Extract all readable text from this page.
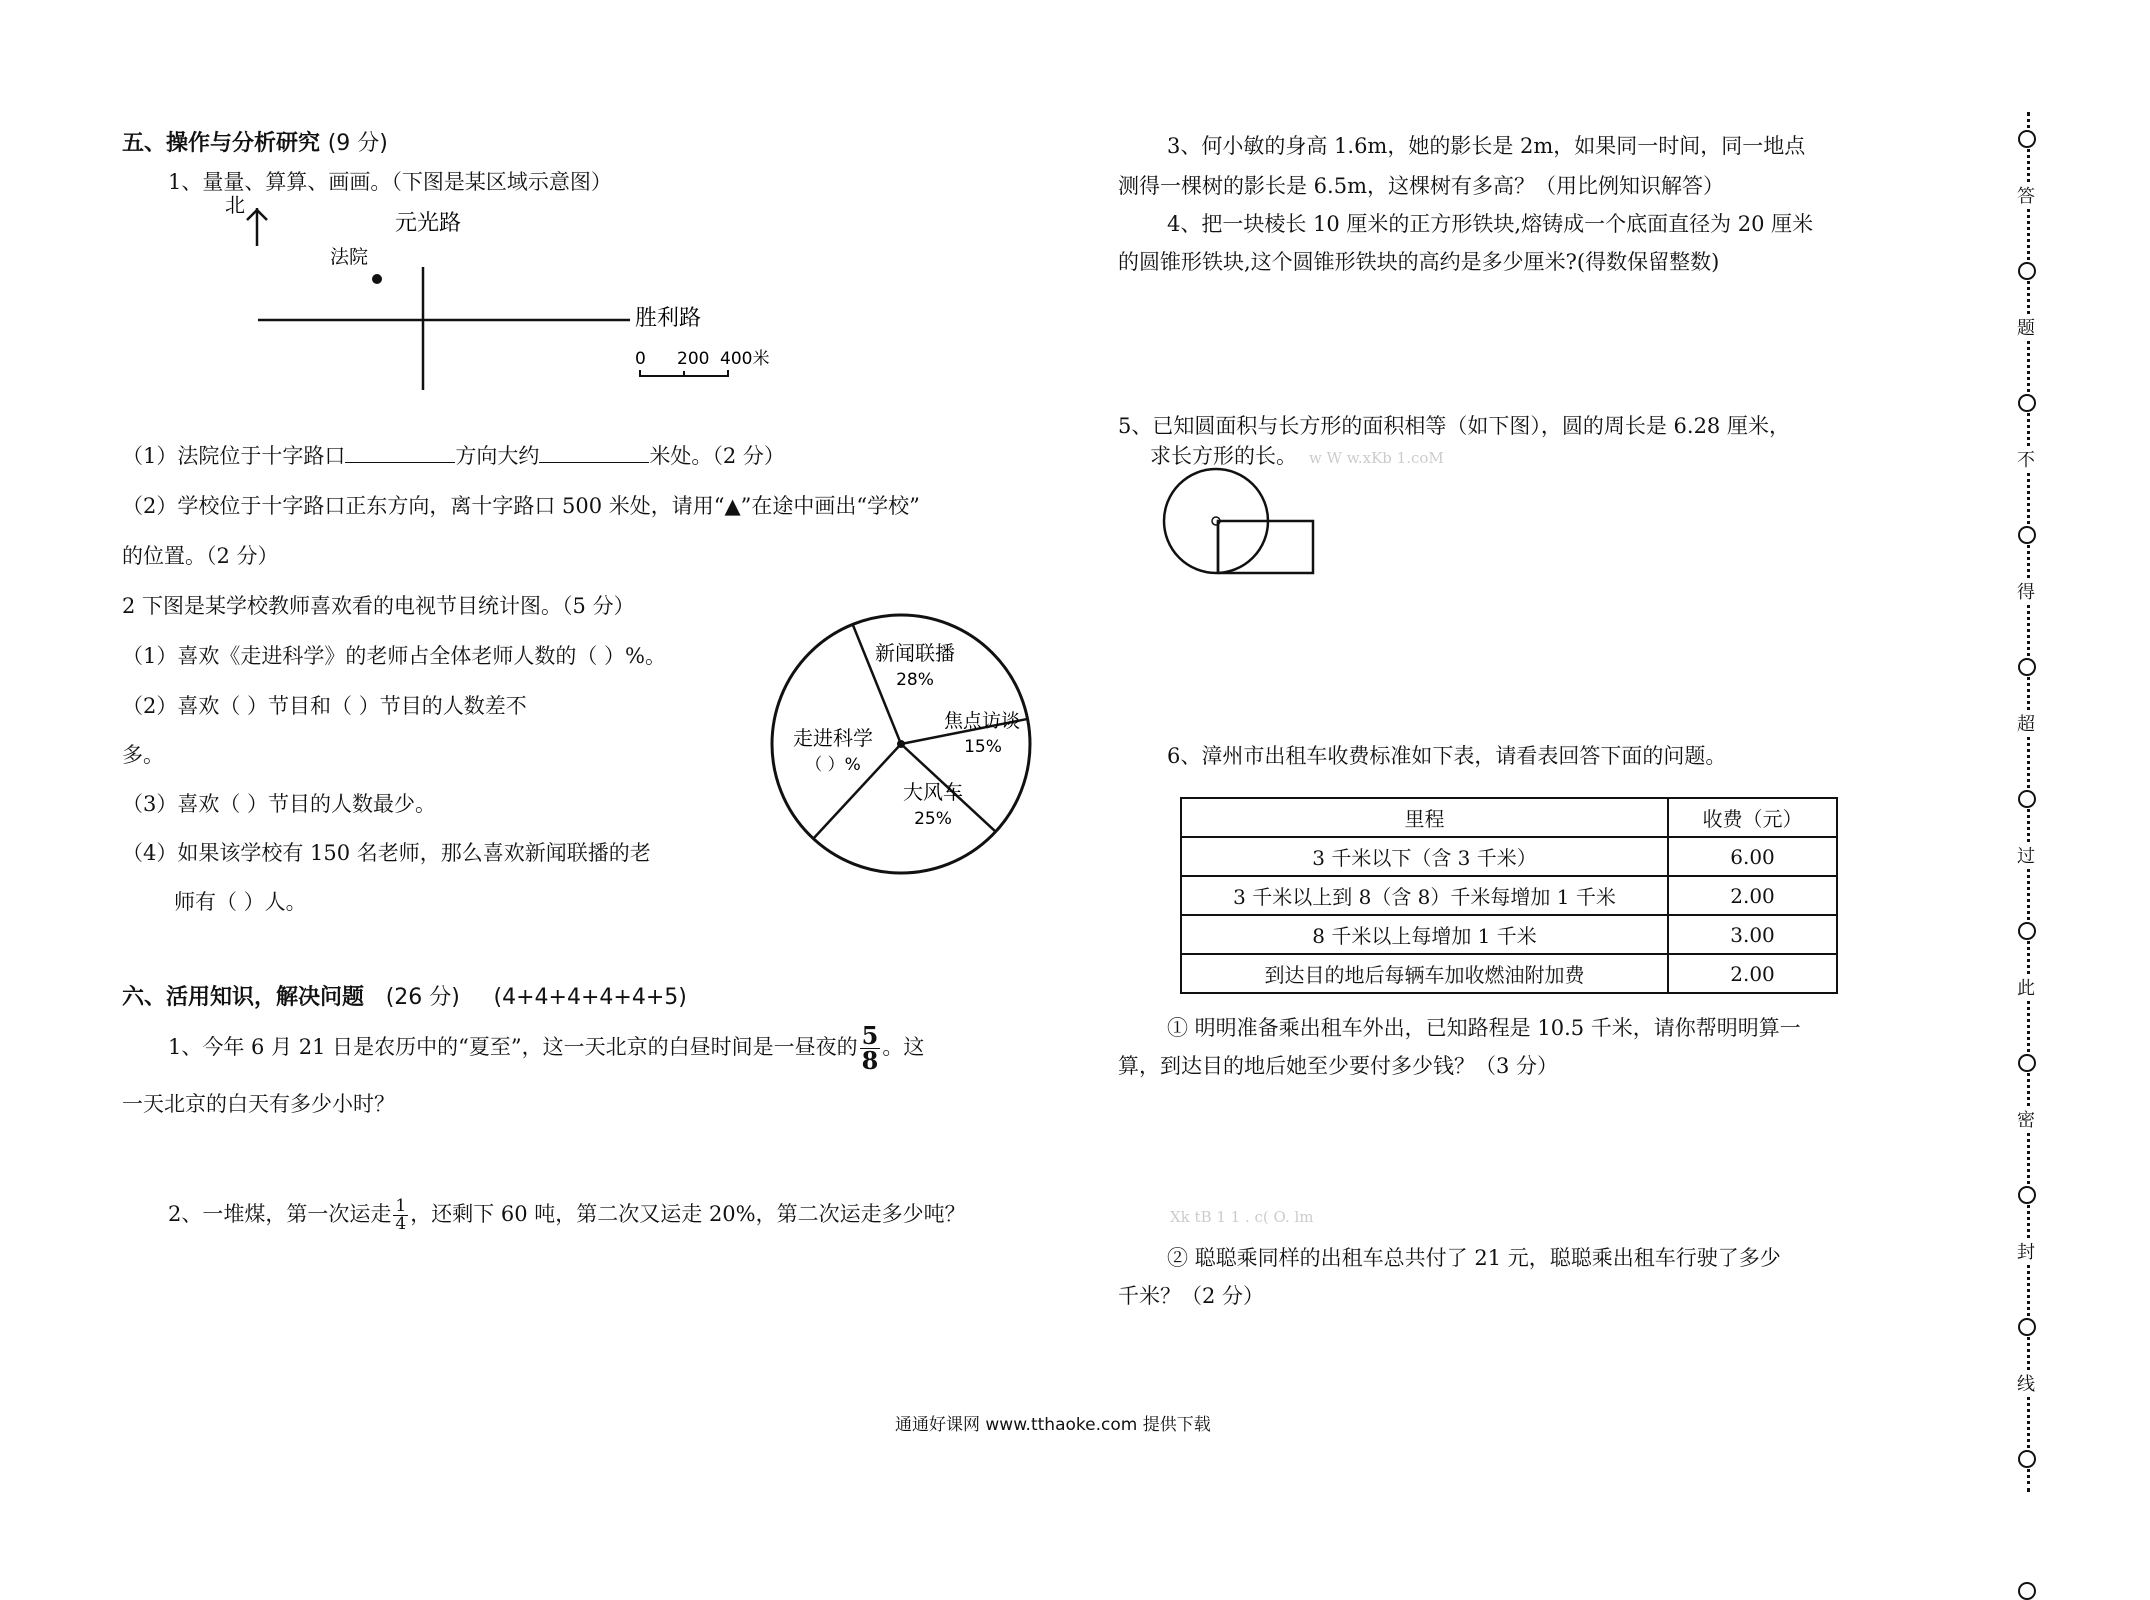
五、操作与分析研究 (9 分)
1、量量、算算、画画。（下图是某区域示意图）
北
元光路
法院
胜利路
0 200 400米
（1）法院位于十字路口	方向大约	米处。（2 分）
（2）学校位于十字路口正东方向，离十字路口 500 米处，请用“▲”在途中画出“学校”
的位置。（2 分）
2 下图是某学校教师喜欢看的电视节目统计图。（5 分）
（1）喜欢《走进科学》的老师占全体老师人数的（ ）%。
（2）喜欢（ ）节目和（ ）节目的人数差不
多。
（3）喜欢（ ）节目的人数最少。
（4）如果该学校有 150 名老师，那么喜欢新闻联播的老
师有（ ）人。
新闻联播
28%
焦点访谈
15%
大风车
25%
走进科学
（ ）%
六、活用知识，解决问题 (26 分) (4+4+4+4+4+5)
1、今年 6 月 21 日是农历中的“夏至”，这一天北京的白昼时间是一昼夜的 $\frac{5}{8}$ 。这
一天北京的白天有多少小时？
2、一堆煤，第一次运走 $\frac{1}{4}$ ，还剩下 60 吨，第二次又运走 20%，第二次运走多少吨？
3、何小敏的身高 1.6m，她的影长是 2m，如果同一时间，同一地点
测得一棵树的影长是 6.5m，这棵树有多高？（用比例知识解答）
4、把一块棱长 10 厘米的正方形铁块,熔铸成一个底面直径为 20 厘米
的圆锥形铁块,这个圆锥形铁块的高约是多少厘米?(得数保留整数)
5、已知圆面积与长方形的面积相等（如下图），圆的周长是 6.28 厘米，
求长方形的长。 w W w.xKb 1.coM
6、漳州市出租车收费标准如下表，请看表回答下面的问题。
里程	收费（元）
3 千米以下（含 3 千米）	6.00
3 千米以上到 8（含 8）千米每增加 1 千米	2.00
8 千米以上每增加 1 千米	3.00
到达目的地后每辆车加收燃油附加费	2.00
① 明明准备乘出租车外出，已知路程是 10.5 千米，请你帮明明算一
算，到达目的地后她至少要付多少钱？（3 分）
Xk tB 1 1 . c( O. lm
② 聪聪乘同样的出租车总共付了 21 元，聪聪乘出租车行驶了多少
千米？（2 分）
通通好课网 www.tthaoke.com 提供下载
答
题
不
得
超
过
此
密
封
线
